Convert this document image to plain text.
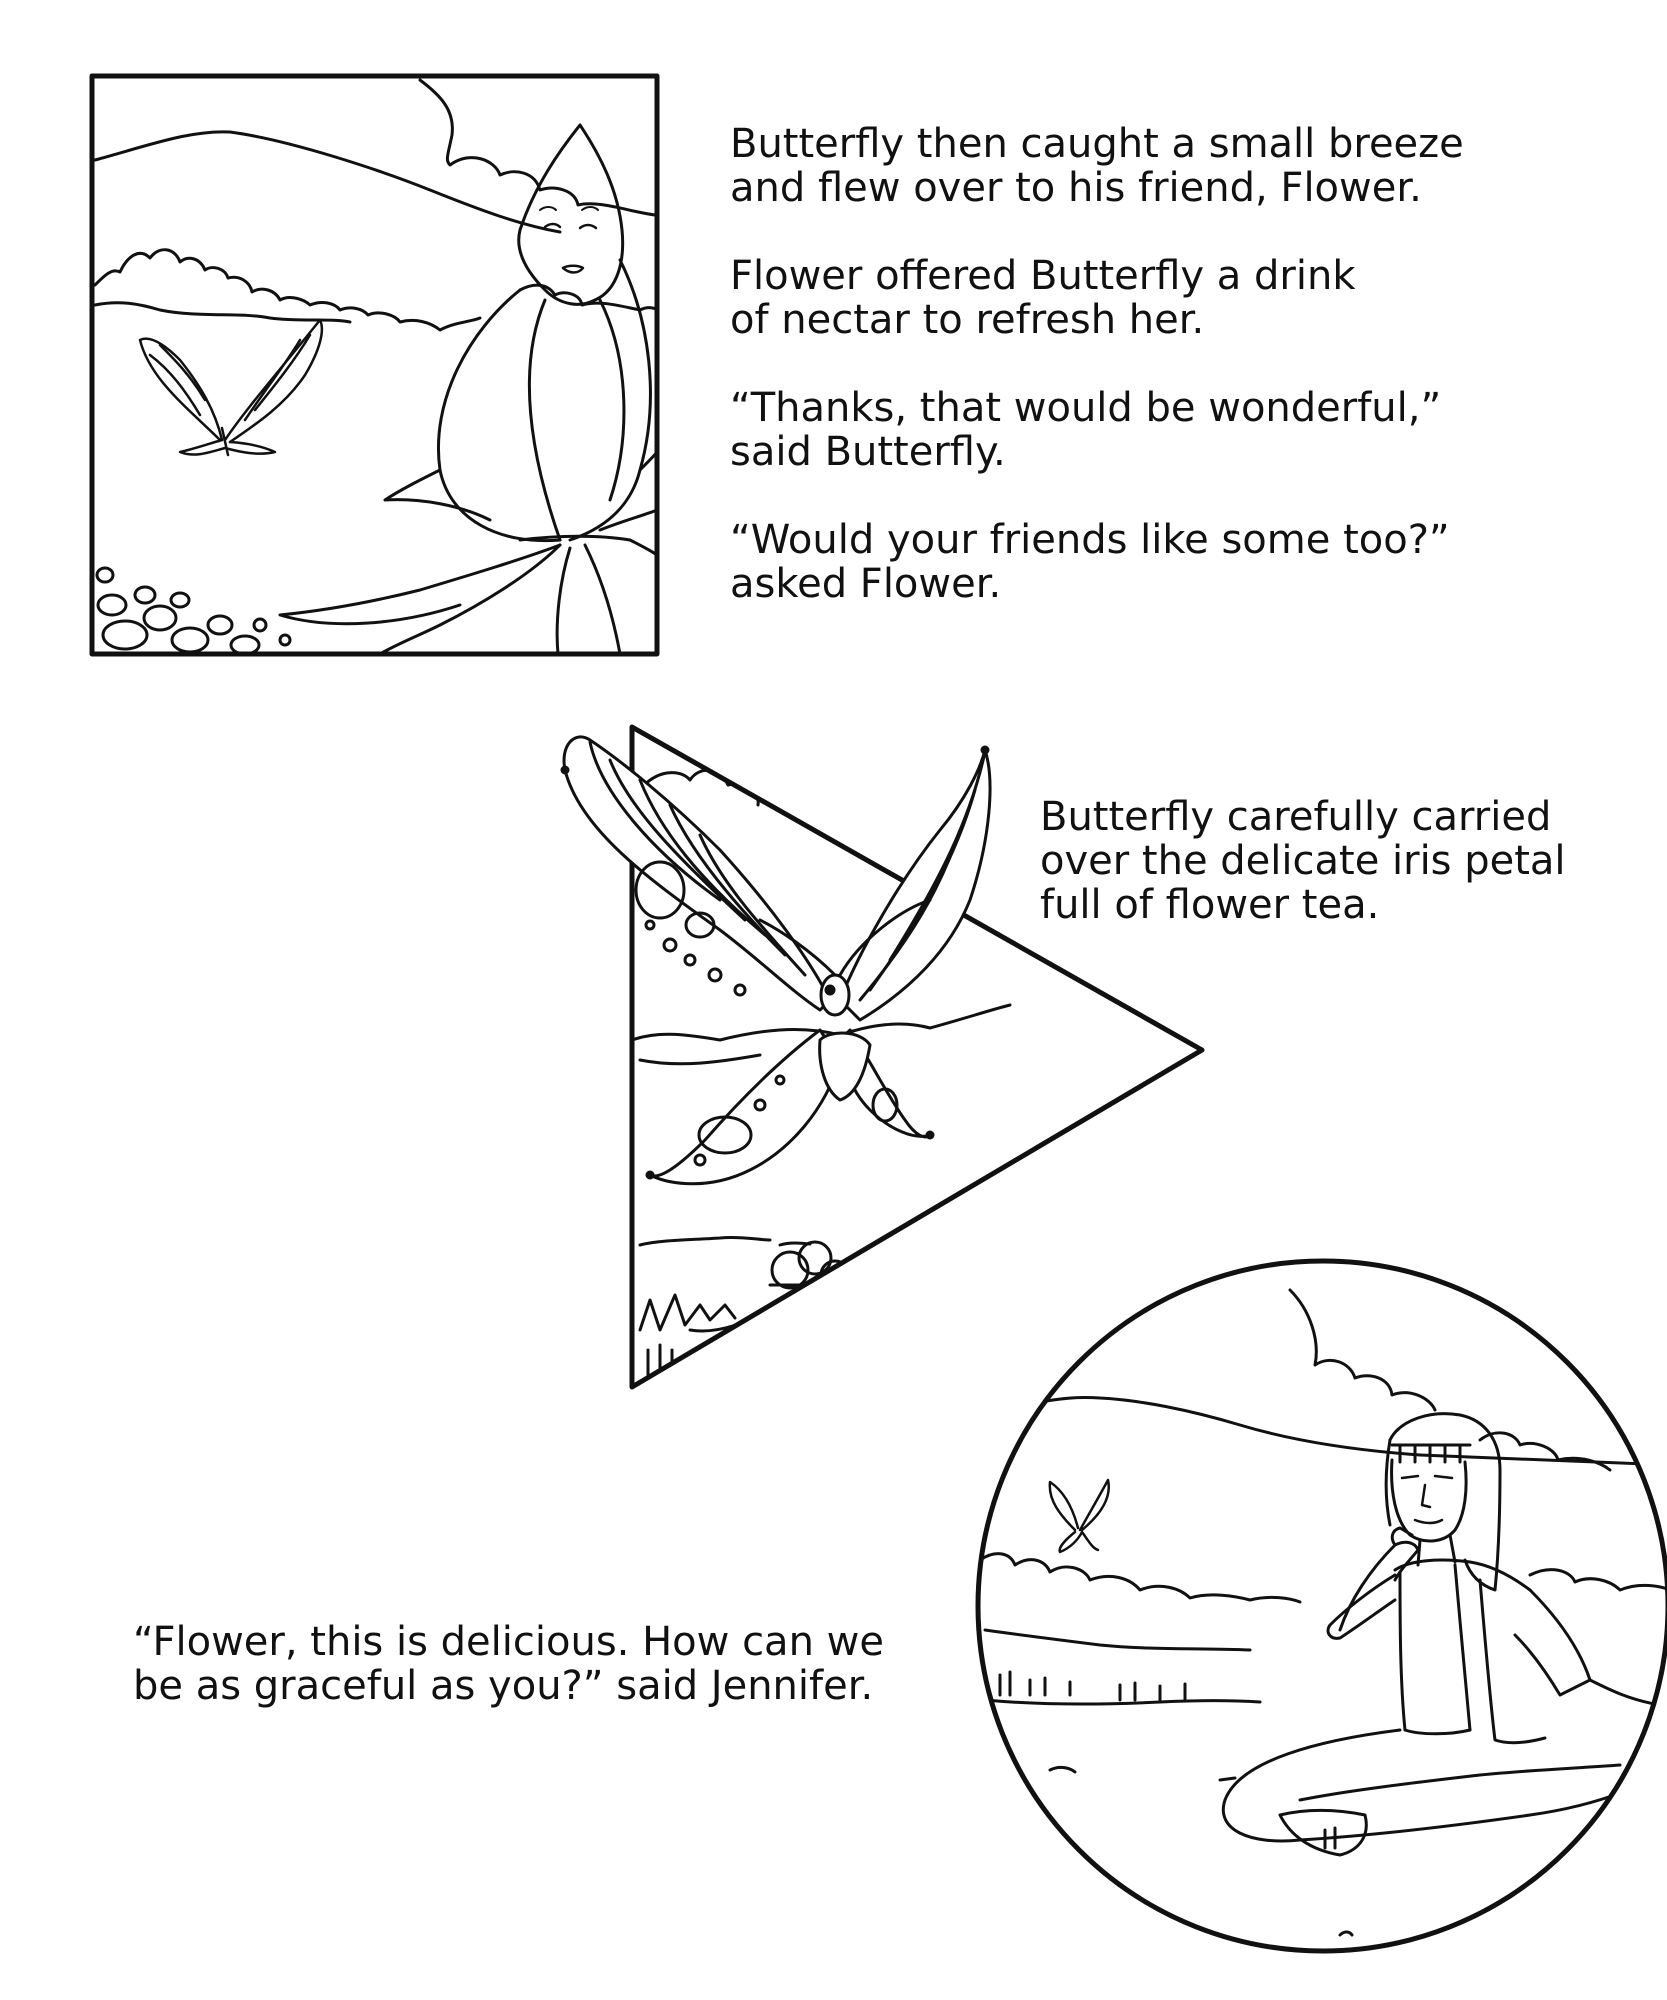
Butterfly then caught a small breeze
and flew over to his friend, Flower.

Flower offered Butterfly a drink
of nectar to refresh her.

“Thanks, that would be wonderful,”
said Butterfly.

“Would your friends like some too?”
asked Flower.

Butterfly carefully carried
over the delicate iris petal
full of flower tea.

“Flower, this is delicious. How can we
be as graceful as you?” said Jennifer.
